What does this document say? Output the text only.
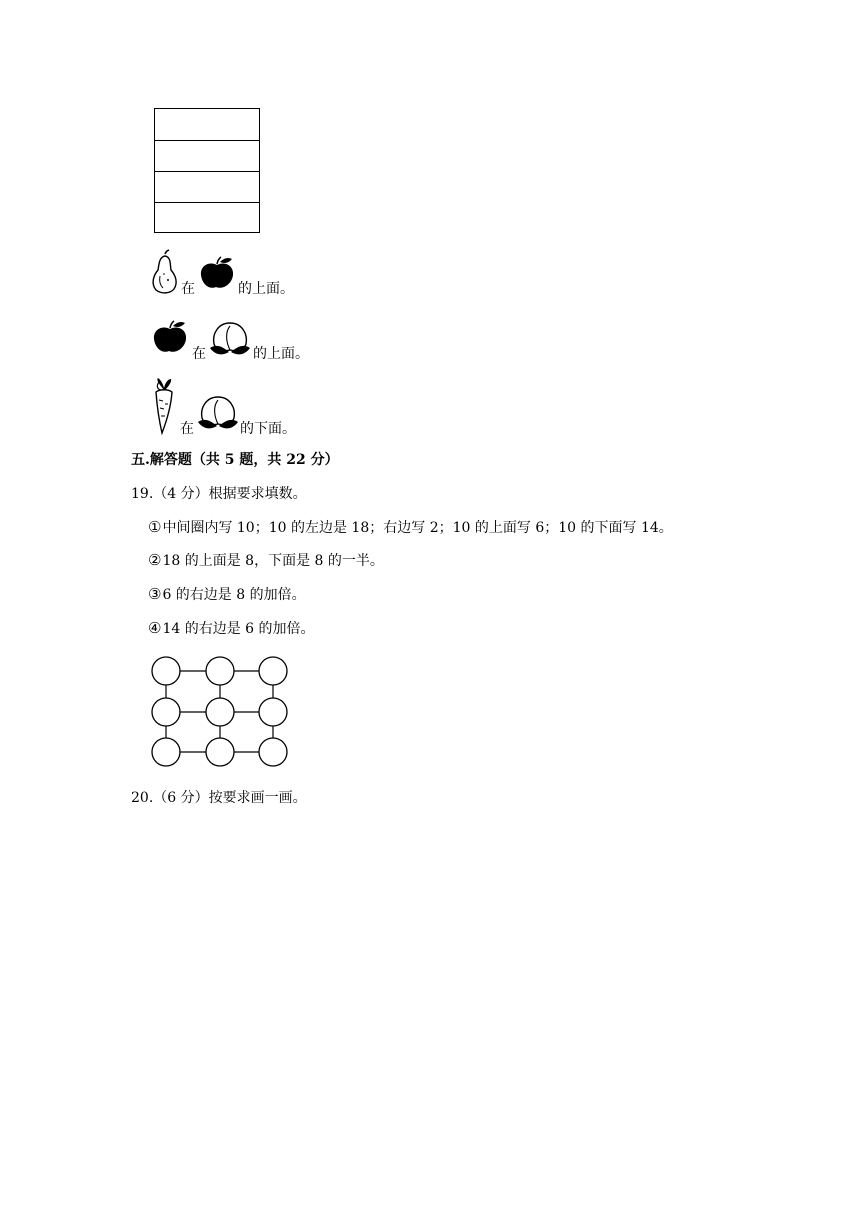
在	的上面。
在	的上面。
在	的下面。
五.解答题（共 5 题，共 22 分）
19.（4 分）根据要求填数。
①中间圈内写 10；10 的左边是 18；右边写 2；10 的上面写 6；10 的下面写 14。
②18 的上面是 8，下面是 8 的一半。
③6 的右边是 8 的加倍。
④14 的右边是 6 的加倍。
20.（6 分）按要求画一画。
